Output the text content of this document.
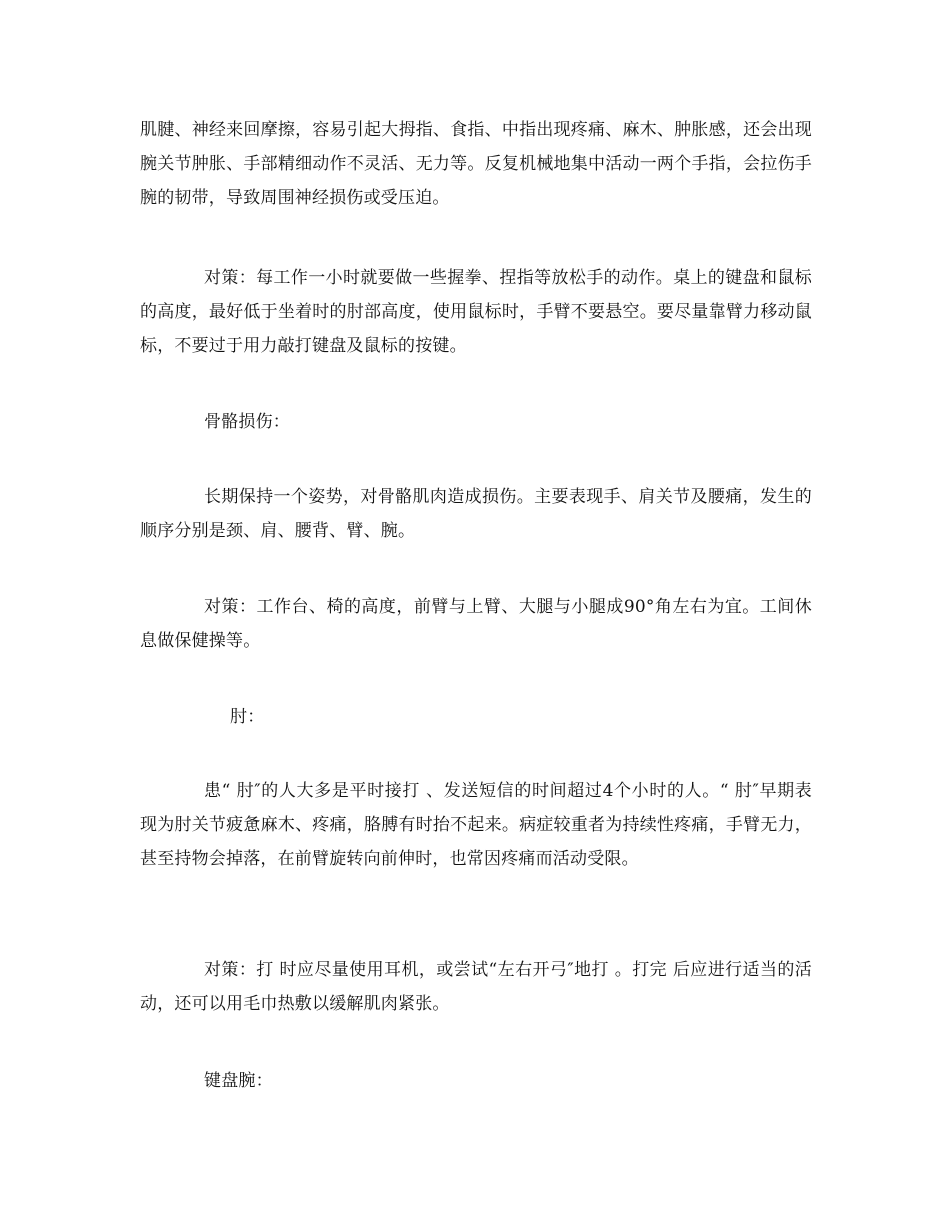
肌腱、神经来回摩擦，容易引起大拇指、食指、中指出现疼痛、麻木、肿胀感，还会出现腕关节肿胀、手部精细动作不灵活、无力等。反复机械地集中活动一两个手指，会拉伤手腕的韧带，导致周围神经损伤或受压迫。

对策：每工作一小时就要做一些握拳、捏指等放松手的动作。桌上的键盘和鼠标的高度，最好低于坐着时的肘部高度，使用鼠标时，手臂不要悬空。要尽量靠臂力移动鼠标，不要过于用力敲打键盘及鼠标的按键。

骨骼损伤：

长期保持一个姿势，对骨骼肌肉造成损伤。主要表现手、肩关节及腰痛，发生的顺序分别是颈、肩、腰背、臂、腕。

对策：工作台、椅的高度，前臂与上臂、大腿与小腿成90°角左右为宜。工间休息做保健操等。

肘：

患“ 肘″的人大多是平时接打 、发送短信的时间超过4个小时的人。“ 肘″早期表现为肘关节疲惫麻木、疼痛，胳膊有时抬不起来。病症较重者为持续性疼痛，手臂无力，甚至持物会掉落，在前臂旋转向前伸时，也常因疼痛而活动受限。

对策：打 时应尽量使用耳机，或尝试“左右开弓″地打 。打完 后应进行适当的活动，还可以用毛巾热敷以缓解肌肉紧张。

键盘腕：
